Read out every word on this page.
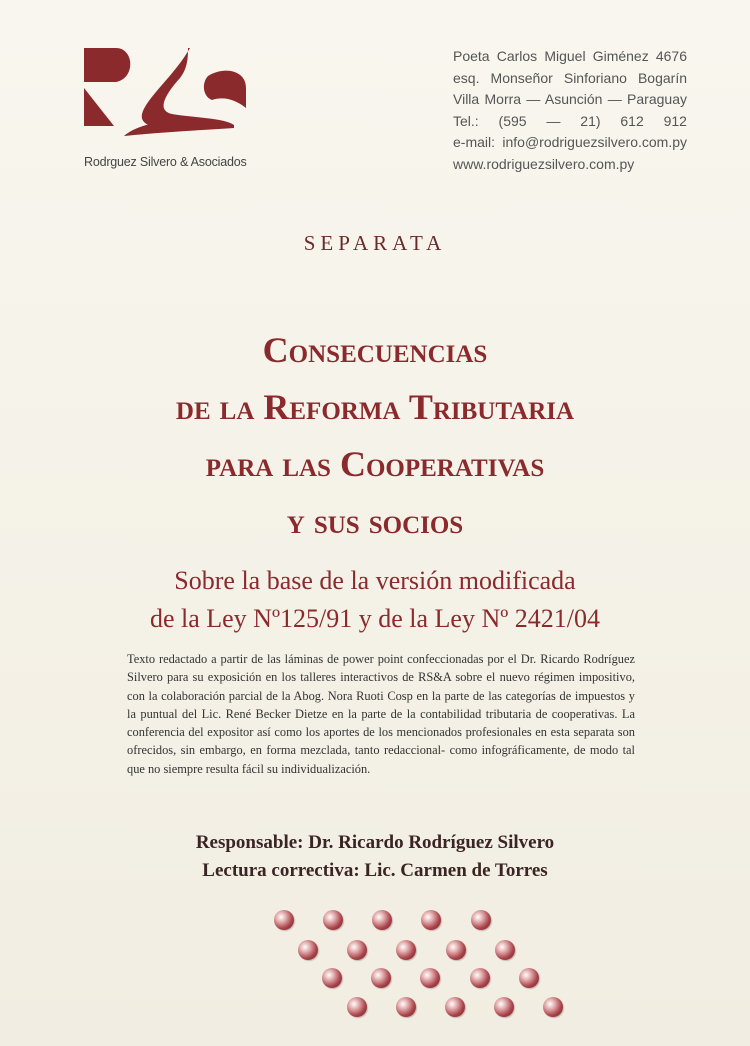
Rodrguez Silvero & Asociados
Poeta Carlos Miguel Giménez 4676
esq. Monseñor Sinforiano Bogarín
Villa Morra — Asunción — Paraguay
Tel.: (595 — 21) 612 912
e-mail: info@rodriguezsilvero.com.py
www.rodriguezsilvero.com.py
SEPARATA
Consecuencias
de la Reforma Tributaria
para las Cooperativas
y sus socios
Sobre la base de la versión modificada
de la Ley Nº125/91 y de la Ley Nº 2421/04
Texto redactado a partir de las láminas de power point confeccionadas por el Dr. Ricardo Rodríguez Silvero para su exposición en los talleres interactivos de RS&A sobre el nuevo régimen impositivo, con la colaboración parcial de la Abog. Nora Ruoti Cosp en la parte de las categorías de impuestos y la puntual del Lic. René Becker Dietze en la parte de la contabilidad tributaria de cooperativas. La conferencia del expositor así como los aportes de los mencionados profesionales en esta separata son ofrecidos, sin embargo, en forma mezclada, tanto redaccional- como infográficamente, de modo tal que no siempre resulta fácil su individualización.
Responsable: Dr. Ricardo Rodríguez Silvero
Lectura correctiva: Lic. Carmen de Torres
